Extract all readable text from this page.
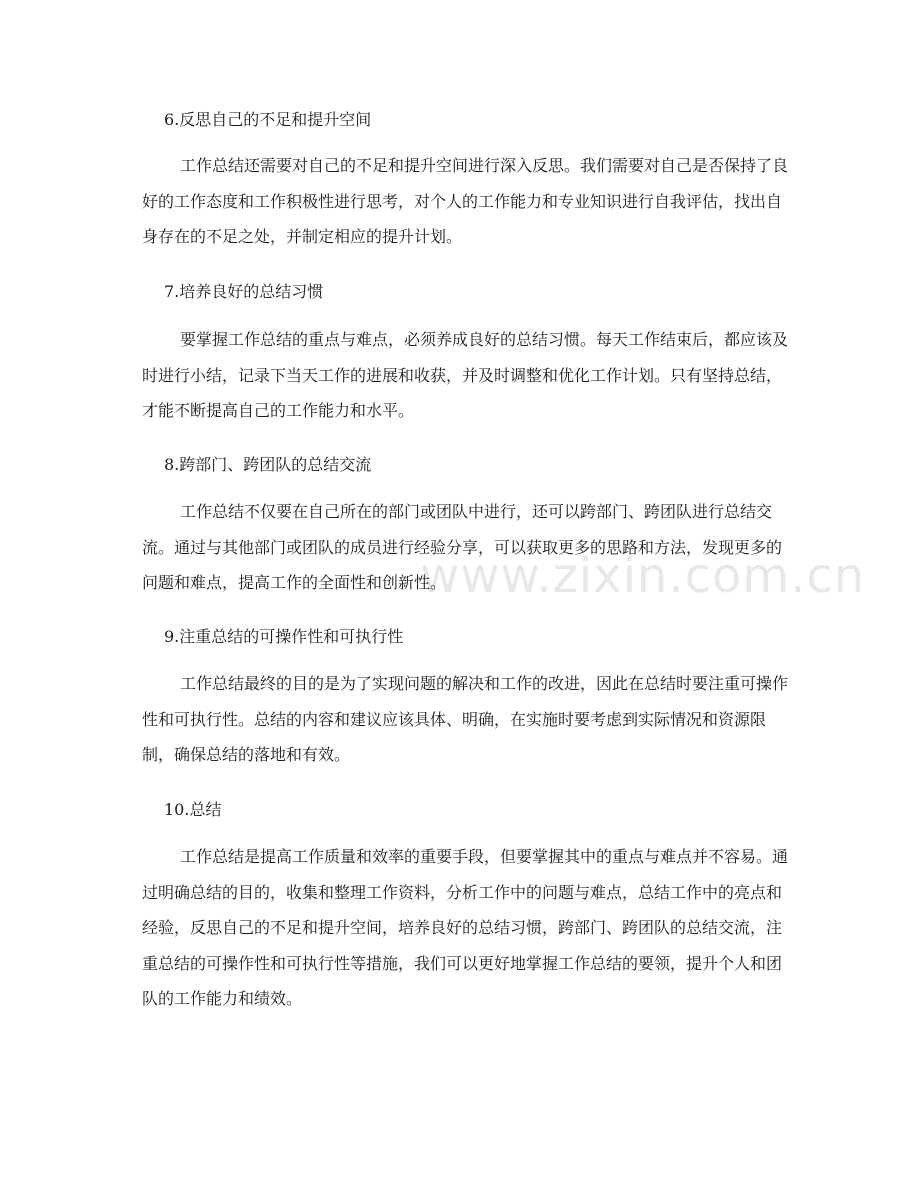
www.zixin.com.cn
6.反思自己的不足和提升空间

工作总结还需要对自己的不足和提升空间进行深入反思。我们需要对自己是否保持了良好的工作态度和工作积极性进行思考，对个人的工作能力和专业知识进行自我评估，找出自身存在的不足之处，并制定相应的提升计划。

7.培养良好的总结习惯

要掌握工作总结的重点与难点，必须养成良好的总结习惯。每天工作结束后，都应该及时进行小结，记录下当天工作的进展和收获，并及时调整和优化工作计划。只有坚持总结，才能不断提高自己的工作能力和水平。

8.跨部门、跨团队的总结交流

工作总结不仅要在自己所在的部门或团队中进行，还可以跨部门、跨团队进行总结交流。通过与其他部门或团队的成员进行经验分享，可以获取更多的思路和方法，发现更多的问题和难点，提高工作的全面性和创新性。

9.注重总结的可操作性和可执行性

工作总结最终的目的是为了实现问题的解决和工作的改进，因此在总结时要注重可操作性和可执行性。总结的内容和建议应该具体、明确，在实施时要考虑到实际情况和资源限制，确保总结的落地和有效。

10.总结

工作总结是提高工作质量和效率的重要手段，但要掌握其中的重点与难点并不容易。通过明确总结的目的，收集和整理工作资料，分析工作中的问题与难点，总结工作中的亮点和经验，反思自己的不足和提升空间，培养良好的总结习惯，跨部门、跨团队的总结交流，注重总结的可操作性和可执行性等措施，我们可以更好地掌握工作总结的要领，提升个人和团队的工作能力和绩效。
